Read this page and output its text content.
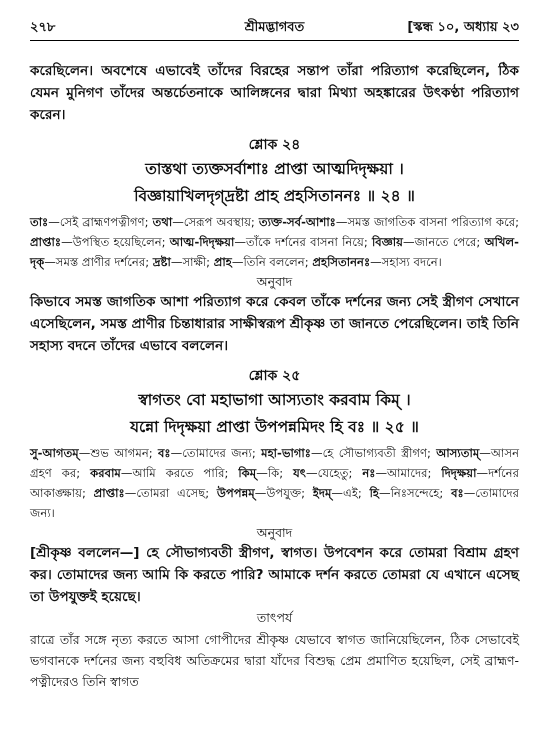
২৭৮	শ্রীমদ্ভাগবত	[স্কন্ধ ১০, অধ্যায় ২৩

করেছিলেন। অবশেষে এভাবেই তাঁদের বিরহের সন্তাপ তাঁরা পরিত্যাগ করেছিলেন, ঠিক যেমন মুনিগণ তাঁদের অন্তর্চেতনাকে আলিঙ্গনের দ্বারা মিথ্যা অহঙ্কারের উৎকণ্ঠা পরিত্যাগ করেন।

শ্লোক ২৪
তাস্তথা ত্যক্তসর্বাশাঃ প্রাপ্তা আত্মদিদৃক্ষয়া ।
বিজ্ঞায়াখিলদৃগ্‌দ্রষ্টা প্রাহ প্রহসিতাননঃ ॥ ২৪ ॥

তাঃ—সেই ব্রাহ্মণপত্নীগণ; তথা—সেরূপ অবস্থায়; ত্যক্ত-সর্ব-আশাঃ—সমস্ত জাগতিক বাসনা পরিত্যাগ করে; প্রাপ্তাঃ—উপস্থিত হয়েছিলেন; আত্ম-দিদৃক্ষয়া—তাঁকে দর্শনের বাসনা নিয়ে; বিজ্ঞায়—জানতে পেরে; অখিল-দৃক্—সমস্ত প্রাণীর দর্শনের; দ্রষ্টা—সাক্ষী; প্রাহ—তিনি বললেন; প্রহসিতাননঃ—সহাস্য বদনে।

অনুবাদ

কিভাবে সমস্ত জাগতিক আশা পরিত্যাগ করে কেবল তাঁকে দর্শনের জন্য সেই স্ত্রীগণ সেখানে এসেছিলেন, সমস্ত প্রাণীর চিন্তাধারার সাক্ষীস্বরূপ শ্রীকৃষ্ণ তা জানতে পেরেছিলেন। তাই তিনি সহাস্য বদনে তাঁদের এভাবে বললেন।

শ্লোক ২৫
স্বাগতং বো মহাভাগা আস্যতাং করবাম কিম্ ।
যন্নো দিদৃক্ষয়া প্রাপ্তা উপপন্নমিদং হি বঃ ॥ ২৫ ॥

সু-আগতম্—শুভ আগমন; বঃ—তোমাদের জন্য; মহা-ভাগাঃ—হে সৌভাগ্যবতী স্ত্রীগণ; আস্যতাম্—আসন গ্রহণ কর; করবাম—আমি করতে পারি; কিম্—কি; যৎ—যেহেতু; নঃ—আমাদের; দিদৃক্ষয়া—দর্শনের আকাঙ্ক্ষায়; প্রাপ্তাঃ—তোমরা এসেছ; উপপন্নম্—উপযুক্ত; ইদম্—এই; হি—নিঃসন্দেহে; বঃ—তোমাদের জন্য।

অনুবাদ

[শ্রীকৃষ্ণ বললেন—] হে সৌভাগ্যবতী স্ত্রীগণ, স্বাগত। উপবেশন করে তোমরা বিশ্রাম গ্রহণ কর। তোমাদের জন্য আমি কি করতে পারি? আমাকে দর্শন করতে তোমরা যে এখানে এসেছ তা উপযুক্তই হয়েছে।

তাৎপর্য

রাত্রে তাঁর সঙ্গে নৃত্য করতে আসা গোপীদের শ্রীকৃষ্ণ যেভাবে স্বাগত জানিয়েছিলেন, ঠিক সেভাবেই ভগবানকে দর্শনের জন্য বহুবিধ অতিক্রমের দ্বারা যাঁদের বিশুদ্ধ প্রেম প্রমাণিত হয়েছিল, সেই ব্রাহ্মণ-পত্নীদেরও তিনি স্বাগত
